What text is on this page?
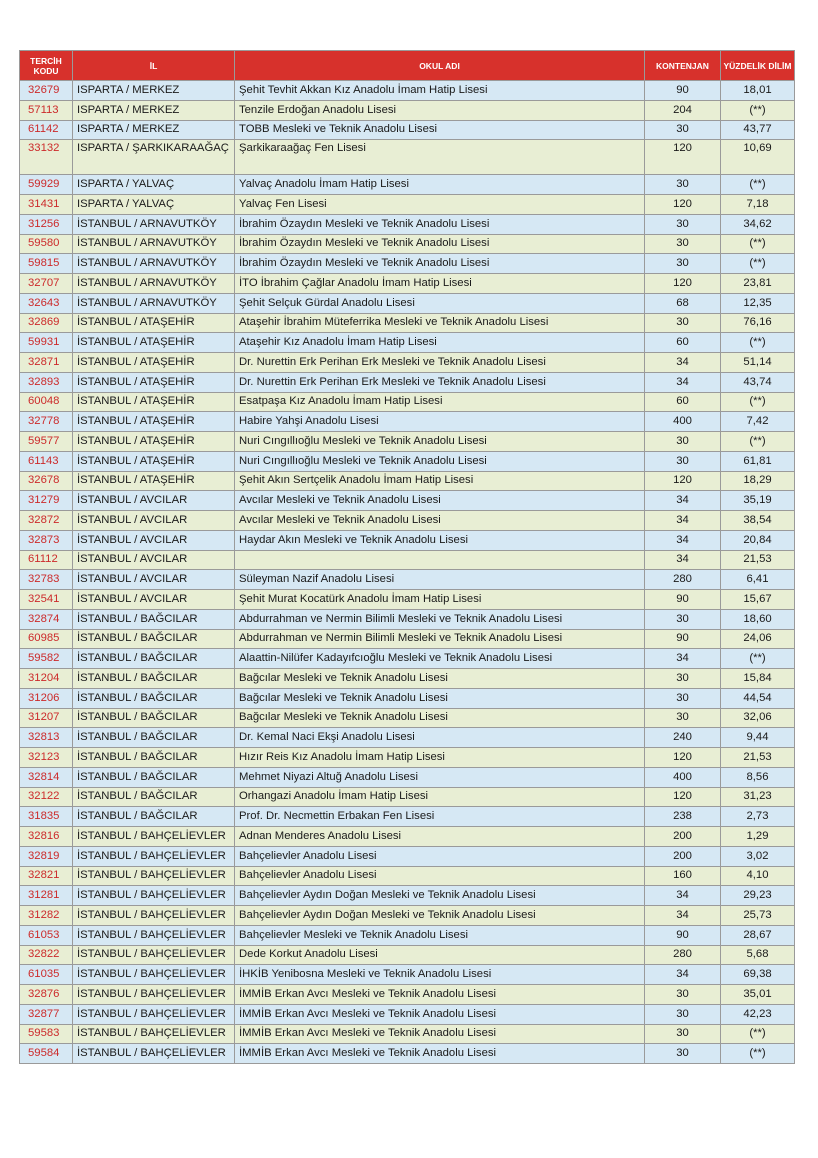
TERCİH KODU	İL	OKUL ADI	KONTENJAN	YÜZDELİK DİLİM
32679	ISPARTA / MERKEZ	Şehit Tevhit Akkan Kız Anadolu İmam Hatip Lisesi	90	18,01
57113	ISPARTA / MERKEZ	Tenzile Erdoğan Anadolu Lisesi	204	(**)
61142	ISPARTA / MERKEZ	TOBB Mesleki ve Teknik Anadolu Lisesi	30	43,77
33132	ISPARTA / ŞARKIKARAAĞAÇ	Şarkikaraağaç Fen Lisesi	120	10,69
59929	ISPARTA / YALVAÇ	Yalvaç Anadolu İmam Hatip Lisesi	30	(**)
31431	ISPARTA / YALVAÇ	Yalvaç Fen Lisesi	120	7,18
31256	İSTANBUL / ARNAVUTKÖY	İbrahim Özaydın Mesleki ve Teknik Anadolu Lisesi	30	34,62
59580	İSTANBUL / ARNAVUTKÖY	İbrahim Özaydın Mesleki ve Teknik Anadolu Lisesi	30	(**)
59815	İSTANBUL / ARNAVUTKÖY	İbrahim Özaydın Mesleki ve Teknik Anadolu Lisesi	30	(**)
32707	İSTANBUL / ARNAVUTKÖY	İTO İbrahim Çağlar Anadolu İmam Hatip Lisesi	120	23,81
32643	İSTANBUL / ARNAVUTKÖY	Şehit Selçuk Gürdal Anadolu Lisesi	68	12,35
32869	İSTANBUL / ATAŞEHİR	Ataşehir İbrahim Müteferrika Mesleki ve Teknik Anadolu Lisesi	30	76,16
59931	İSTANBUL / ATAŞEHİR	Ataşehir Kız Anadolu İmam Hatip Lisesi	60	(**)
32871	İSTANBUL / ATAŞEHİR	Dr. Nurettin Erk Perihan Erk Mesleki ve Teknik Anadolu Lisesi	34	51,14
32893	İSTANBUL / ATAŞEHİR	Dr. Nurettin Erk Perihan Erk Mesleki ve Teknik Anadolu Lisesi	34	43,74
60048	İSTANBUL / ATAŞEHİR	Esatpaşa Kız Anadolu İmam Hatip Lisesi	60	(**)
32778	İSTANBUL / ATAŞEHİR	Habire Yahşi Anadolu Lisesi	400	7,42
59577	İSTANBUL / ATAŞEHİR	Nuri Cıngıllıoğlu Mesleki ve Teknik Anadolu Lisesi	30	(**)
61143	İSTANBUL / ATAŞEHİR	Nuri Cıngıllıoğlu Mesleki ve Teknik Anadolu Lisesi	30	61,81
32678	İSTANBUL / ATAŞEHİR	Şehit Akın Sertçelik Anadolu İmam Hatip Lisesi	120	18,29
31279	İSTANBUL / AVCILAR	Avcılar Mesleki ve Teknik Anadolu Lisesi	34	35,19
32872	İSTANBUL / AVCILAR	Avcılar Mesleki ve Teknik Anadolu Lisesi	34	38,54
32873	İSTANBUL / AVCILAR	Haydar Akın Mesleki ve Teknik Anadolu Lisesi	34	20,84
61112	İSTANBUL / AVCILAR		34	21,53
32783	İSTANBUL / AVCILAR	Süleyman Nazif Anadolu Lisesi	280	6,41
32541	İSTANBUL / AVCILAR	Şehit Murat Kocatürk Anadolu İmam Hatip Lisesi	90	15,67
32874	İSTANBUL / BAĞCILAR	Abdurrahman ve Nermin Bilimli Mesleki ve Teknik Anadolu Lisesi	30	18,60
60985	İSTANBUL / BAĞCILAR	Abdurrahman ve Nermin Bilimli Mesleki ve Teknik Anadolu Lisesi	90	24,06
59582	İSTANBUL / BAĞCILAR	Alaattin-Nilüfer Kadayıfcıoğlu Mesleki ve Teknik Anadolu Lisesi	34	(**)
31204	İSTANBUL / BAĞCILAR	Bağcılar Mesleki ve Teknik Anadolu Lisesi	30	15,84
31206	İSTANBUL / BAĞCILAR	Bağcılar Mesleki ve Teknik Anadolu Lisesi	30	44,54
31207	İSTANBUL / BAĞCILAR	Bağcılar Mesleki ve Teknik Anadolu Lisesi	30	32,06
32813	İSTANBUL / BAĞCILAR	Dr. Kemal Naci Ekşi Anadolu Lisesi	240	9,44
32123	İSTANBUL / BAĞCILAR	Hızır Reis Kız Anadolu İmam Hatip Lisesi	120	21,53
32814	İSTANBUL / BAĞCILAR	Mehmet Niyazi Altuğ Anadolu Lisesi	400	8,56
32122	İSTANBUL / BAĞCILAR	Orhangazi Anadolu İmam Hatip Lisesi	120	31,23
31835	İSTANBUL / BAĞCILAR	Prof. Dr. Necmettin Erbakan Fen Lisesi	238	2,73
32816	İSTANBUL / BAHÇELİEVLER	Adnan Menderes Anadolu Lisesi	200	1,29
32819	İSTANBUL / BAHÇELİEVLER	Bahçelievler Anadolu Lisesi	200	3,02
32821	İSTANBUL / BAHÇELİEVLER	Bahçelievler Anadolu Lisesi	160	4,10
31281	İSTANBUL / BAHÇELİEVLER	Bahçelievler Aydın Doğan Mesleki ve Teknik Anadolu Lisesi	34	29,23
31282	İSTANBUL / BAHÇELİEVLER	Bahçelievler Aydın Doğan Mesleki ve Teknik Anadolu Lisesi	34	25,73
61053	İSTANBUL / BAHÇELİEVLER	Bahçelievler Mesleki ve Teknik Anadolu Lisesi	90	28,67
32822	İSTANBUL / BAHÇELİEVLER	Dede Korkut Anadolu Lisesi	280	5,68
61035	İSTANBUL / BAHÇELİEVLER	İHKİB Yenibosna Mesleki ve Teknik Anadolu Lisesi	34	69,38
32876	İSTANBUL / BAHÇELİEVLER	İMMİB Erkan Avcı Mesleki ve Teknik Anadolu Lisesi	30	35,01
32877	İSTANBUL / BAHÇELİEVLER	İMMİB Erkan Avcı Mesleki ve Teknik Anadolu Lisesi	30	42,23
59583	İSTANBUL / BAHÇELİEVLER	İMMİB Erkan Avcı Mesleki ve Teknik Anadolu Lisesi	30	(**)
59584	İSTANBUL / BAHÇELİEVLER	İMMİB Erkan Avcı Mesleki ve Teknik Anadolu Lisesi	30	(**)
